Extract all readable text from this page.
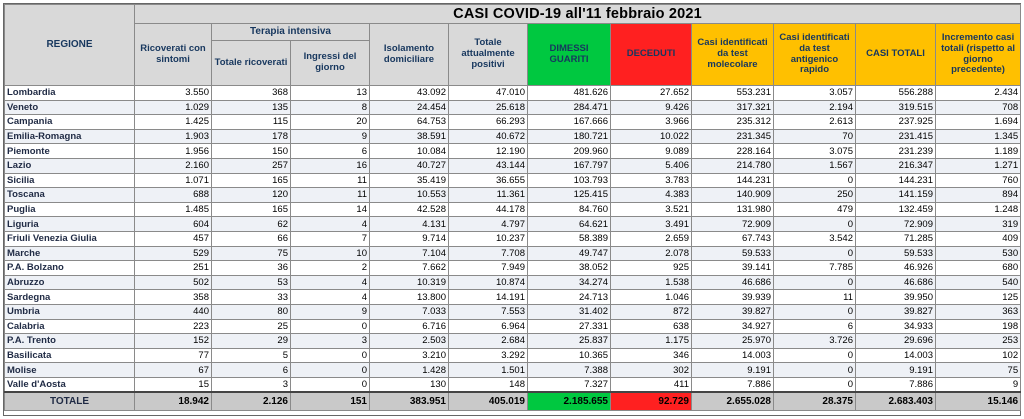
REGIONE	CASI COVID-19 all'11 febbraio 2021										
	Ricoverati con sintomi	Terapia intensiva		Isolamento domiciliare	Totale attualmente positivi	DIMESSI GUARITI	DECEDUTI	Casi identificati da test molecolare	Casi identificati da test antigenico rapido	CASI TOTALI	Incremento casi totali (rispetto al giorno precedente)
		Totale ricoverati	Ingressi del giorno								
Lombardia	3.550	368	13	43.092	47.010	481.626	27.652	553.231	3.057	556.288	2.434
Veneto	1.029	135	8	24.454	25.618	284.471	9.426	317.321	2.194	319.515	708
Campania	1.425	115	20	64.753	66.293	167.666	3.966	235.312	2.613	237.925	1.694
Emilia-Romagna	1.903	178	9	38.591	40.672	180.721	10.022	231.345	70	231.415	1.345
Piemonte	1.956	150	6	10.084	12.190	209.960	9.089	228.164	3.075	231.239	1.189
Lazio	2.160	257	16	40.727	43.144	167.797	5.406	214.780	1.567	216.347	1.271
Sicilia	1.071	165	11	35.419	36.655	103.793	3.783	144.231	0	144.231	760
Toscana	688	120	11	10.553	11.361	125.415	4.383	140.909	250	141.159	894
Puglia	1.485	165	14	42.528	44.178	84.760	3.521	131.980	479	132.459	1.248
Liguria	604	62	4	4.131	4.797	64.621	3.491	72.909	0	72.909	319
Friuli Venezia Giulia	457	66	7	9.714	10.237	58.389	2.659	67.743	3.542	71.285	409
Marche	529	75	10	7.104	7.708	49.747	2.078	59.533	0	59.533	530
P.A. Bolzano	251	36	2	7.662	7.949	38.052	925	39.141	7.785	46.926	680
Abruzzo	502	53	4	10.319	10.874	34.274	1.538	46.686	0	46.686	540
Sardegna	358	33	4	13.800	14.191	24.713	1.046	39.939	11	39.950	125
Umbria	440	80	9	7.033	7.553	31.402	872	39.827	0	39.827	363
Calabria	223	25	0	6.716	6.964	27.331	638	34.927	6	34.933	198
P.A. Trento	152	29	3	2.503	2.684	25.837	1.175	25.970	3.726	29.696	253
Basilicata	77	5	0	3.210	3.292	10.365	346	14.003	0	14.003	102
Molise	67	6	0	1.428	1.501	7.388	302	9.191	0	9.191	75
Valle d'Aosta	15	3	0	130	148	7.327	411	7.886	0	7.886	9
TOTALE	18.942	2.126	151	383.951	405.019	2.185.655	92.729	2.655.028	28.375	2.683.403	15.146
